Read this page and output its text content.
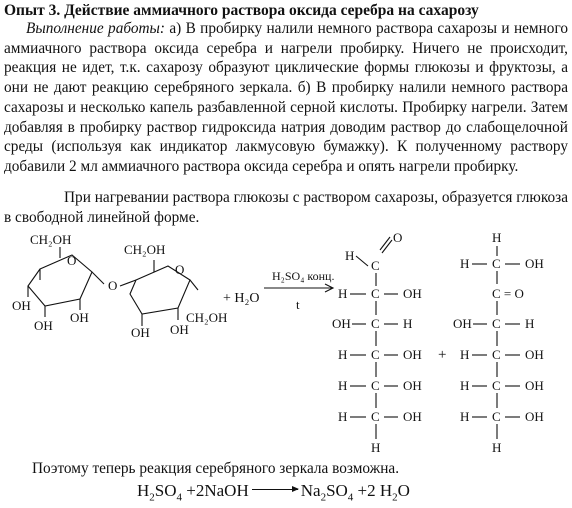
Опыт 3. Действие аммиачного раствора оксида серебра на сахарозу
Выполнение работы: а) В пробирку налили немного раствора сахарозы и немного аммиачного раствора оксида серебра и нагрели пробирку. Ничего не происходит, реакция не идет, т.к. сахарозу образуют циклические формы глюкозы и фруктозы, а они не дают реакцию серебряного зеркала. б) В пробирку налили немного раствора сахарозы и несколько капель разбавленной серной кислоты. Пробирку нагрели. Затем добавляя в пробирку раствор гидроксида натрия доводим раствор до слабощелочной среды (используя как индикатор лакмусовую бумажку). К полученному раствору добавили 2 мл аммиачного раствора оксида серебра и опять нагрели пробирку.
При нагревании раствора глюкозы с раствором сахарозы, образуется глюкоза в свободной линейной форме.
CH₂OH
O
OH
OH
OH
O
CH₂OH
O
OH OH
CH₂OH
+ H₂O
H₂SO₄ конц.
t
O
H
C
H C OH
OH C H
H C OH
H C OH
H C OH
H
+
H
H C OH
C = O
OH C H
H C OH
H C OH
H C OH
H
Поэтому теперь реакция серебряного зеркала возможна.
$H_2SO_4$ +2NaOH	$Na_2SO_4 +2$ $H_2O$
